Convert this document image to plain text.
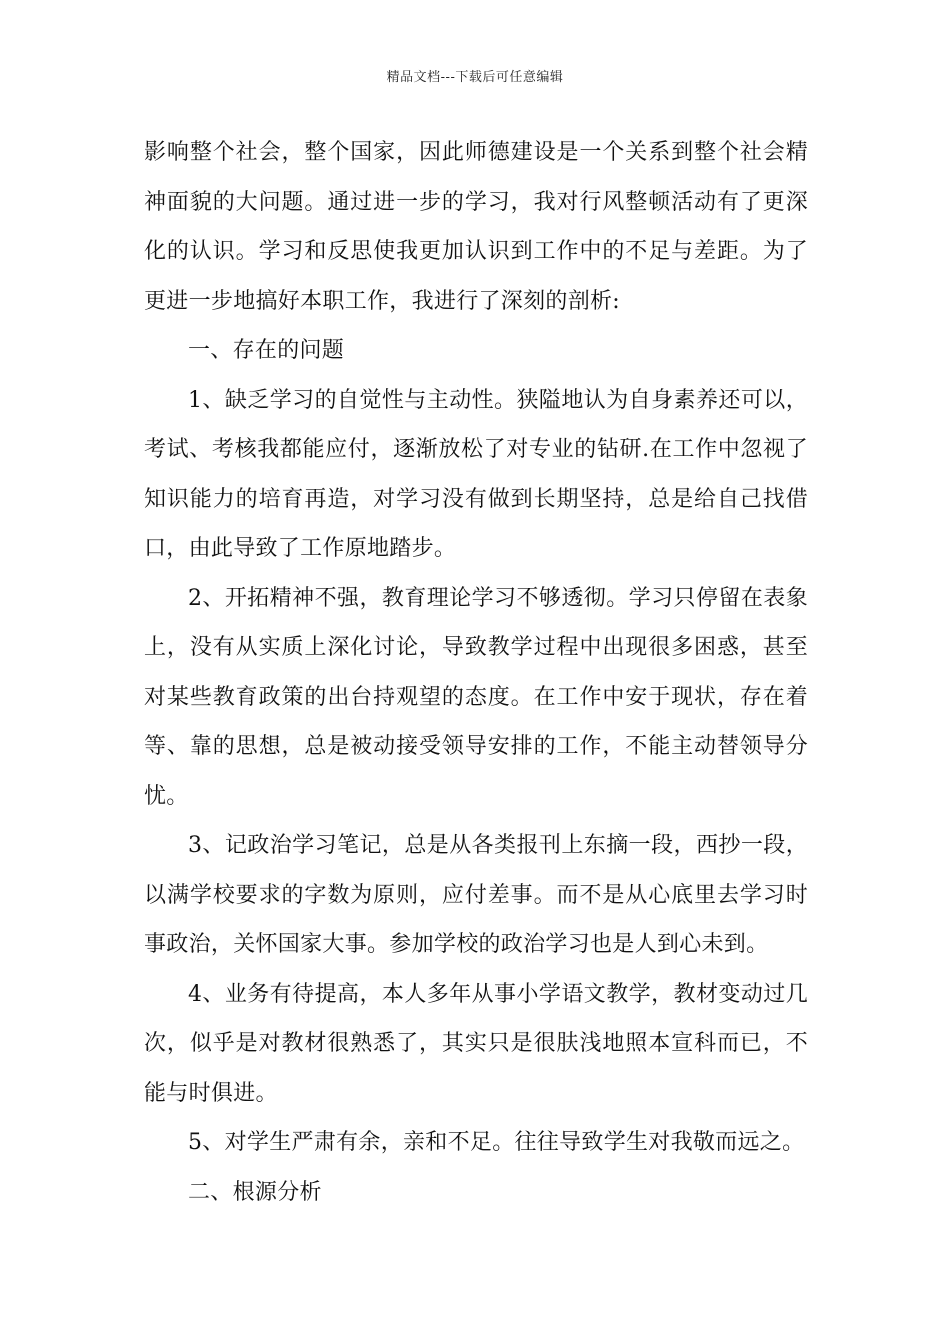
精品文档---下载后可任意编辑

影响整个社会，整个国家，因此师德建设是一个关系到整个社会精神面貌的大问题。通过进一步的学习，我对行风整顿活动有了更深化的认识。学习和反思使我更加认识到工作中的不足与差距。为了更进一步地搞好本职工作，我进行了深刻的剖析:

一、存在的问题

1、缺乏学习的自觉性与主动性。狭隘地认为自身素养还可以，考试、考核我都能应付，逐渐放松了对专业的钻研.在工作中忽视了知识能力的培育再造，对学习没有做到长期坚持，总是给自己找借口，由此导致了工作原地踏步。

2、开拓精神不强，教育理论学习不够透彻。学习只停留在表象上，没有从实质上深化讨论，导致教学过程中出现很多困惑，甚至对某些教育政策的出台持观望的态度。在工作中安于现状，存在着等、靠的思想，总是被动接受领导安排的工作，不能主动替领导分忧。

3、记政治学习笔记，总是从各类报刊上东摘一段，西抄一段，以满学校要求的字数为原则，应付差事。而不是从心底里去学习时事政治，关怀国家大事。参加学校的政治学习也是人到心未到。

4、业务有待提高，本人多年从事小学语文教学，教材变动过几次，似乎是对教材很熟悉了，其实只是很肤浅地照本宣科而已，不能与时俱进。

5、对学生严肃有余，亲和不足。往往导致学生对我敬而远之。

二、根源分析
